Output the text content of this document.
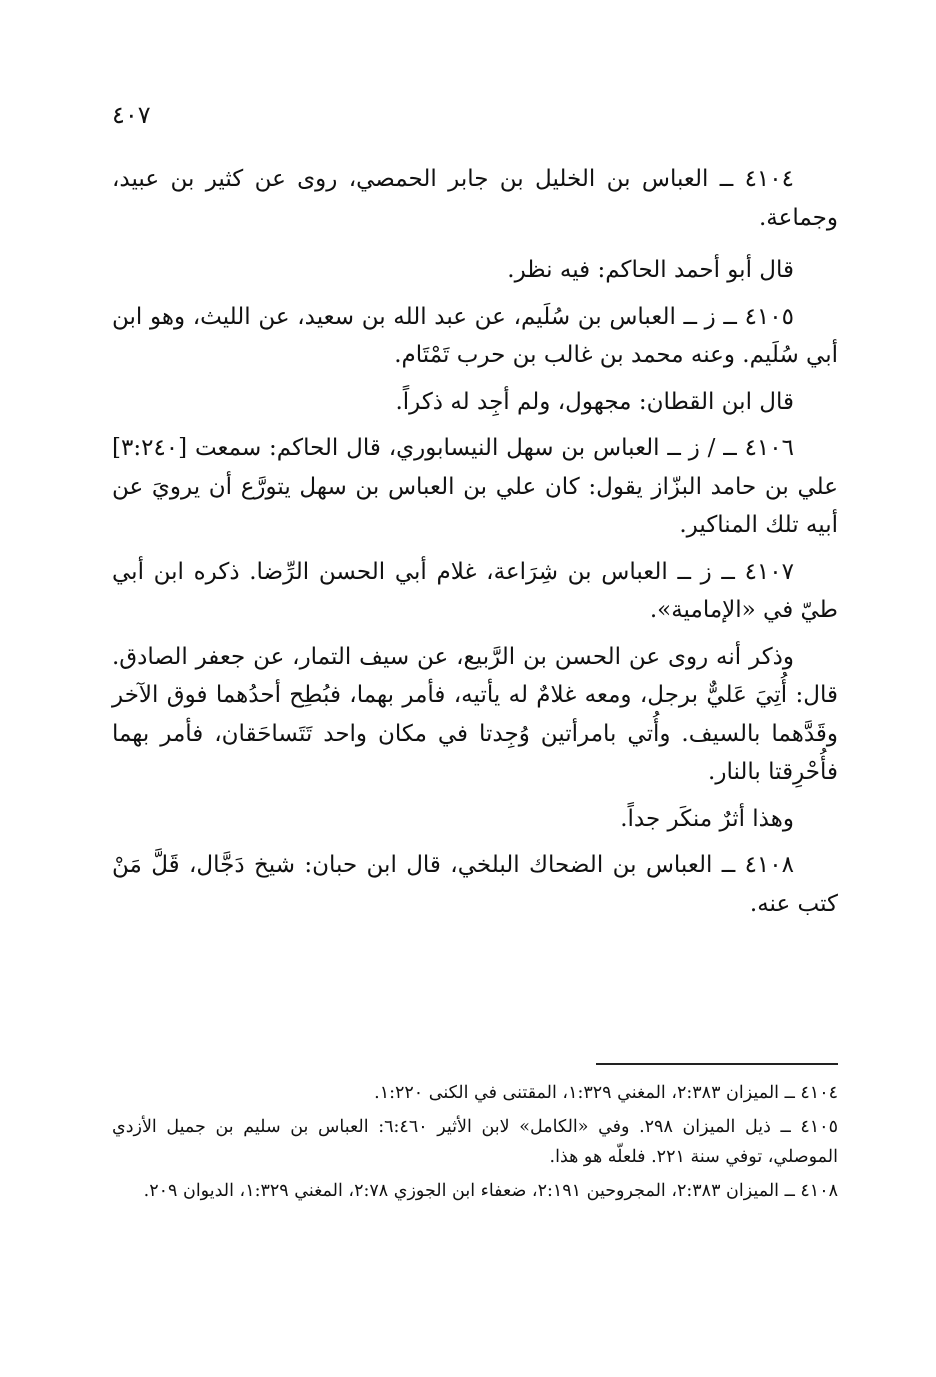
٤٠٧

٤١٠٤ ــ العباس بن الخليل بن جابر الحمصي، روى عن كثير بن عبيد، وجماعة.

قال أبو أحمد الحاكم: فيه نظر.

٤١٠٥ ــ ز ــ العباس بن سُلَيم، عن عبد الله بن سعيد، عن الليث، وهو ابن أبي سُلَيم. وعنه محمد بن غالب بن حرب تَمْتَام.

قال ابن القطان: مجهول، ولم أجِد له ذكراً.

٤١٠٦ ــ / ز ــ العباس بن سهل النيسابوري، قال الحاكم: سمعت [٣:٢٤٠] علي بن حامد البزّاز يقول: كان علي بن العباس بن سهل يتورَّع أن يرويَ عن أبيه تلك المناكير.

٤١٠٧ ــ ز ــ العباس بن شِرَاعة، غلام أبي الحسن الرِّضا. ذكره ابن أبي طيّ في «الإمامية».

وذكر أنه روى عن الحسن بن الرَّبيع، عن سيف التمار، عن جعفر الصادق. قال: أُتِيَ عَليٌّ برجل، ومعه غلامٌ له يأتيه، فأمر بهما، فبُطِح أحدُهما فوق الآخر وقَدَّهما بالسيف. وأُتي بامرأتين وُجِدتا في مكان واحد تَتَساحَقان، فأمر بهما فأُحْرِقتا بالنار.

وهذا أثرٌ منكَر جداً.

٤١٠٨ ــ العباس بن الضحاك البلخي، قال ابن حبان: شيخ دَجَّال، قَلَّ مَنْ كتب عنه.

٤١٠٤ ــ الميزان ٢:٣٨٣، المغني ١:٣٢٩، المقتنى في الكنى ١:٢٢٠.

٤١٠٥ ــ ذيل الميزان ٢٩٨. وفي «الكامل» لابن الأثير ٦:٤٦٠: العباس بن سليم بن جميل الأزدي الموصلي، توفي سنة ٢٢١. فلعلّه هو هذا.

٤١٠٨ ــ الميزان ٢:٣٨٣، المجروحين ٢:١٩١، ضعفاء ابن الجوزي ٢:٧٨، المغني ١:٣٢٩، الديوان ٢٠٩.
